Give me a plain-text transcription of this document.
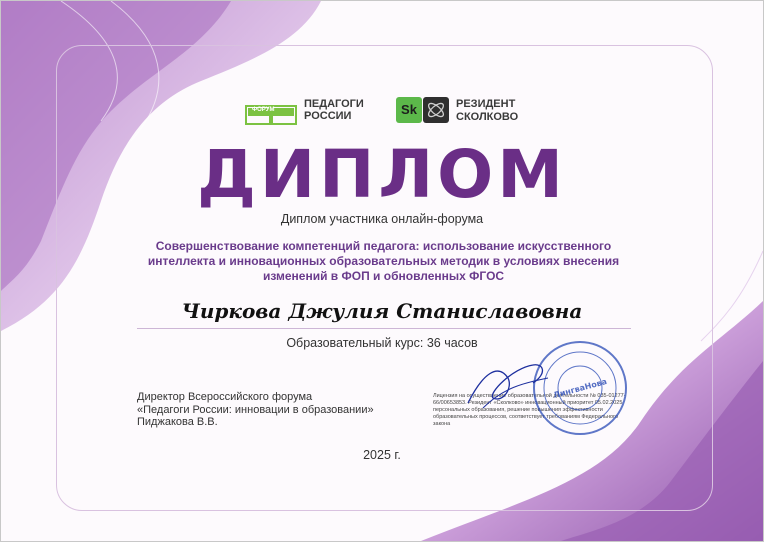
ФОРУМ	ПЕДАГОГИ
РОССИИ	Sk	РЕЗИДЕНТ
СКОЛКОВО
ДИПЛОМ
Диплом участника онлайн-форума
Совершенствование компетенций педагога: использование искусственного интеллекта и инновационных образовательных методик в условиях внесения изменений в ФОП и обновленных ФГОС
Чиркова Джулия Станиславовна
Образовательный курс: 36 часов
Директор Всероссийского форума
«Педагоги России: инновации в образовании»
Пиджакова В.В.
Лицензия на осуществление образовательной деятельности № 035-01277-66/00653853. Резидент «Сколково» инновационный приоритет 05.02.2025 персональных образования, решение повышения эффективности образовательных процессов, соответствует требованиям Федерального закона
ЛингваНова
2025 г.
